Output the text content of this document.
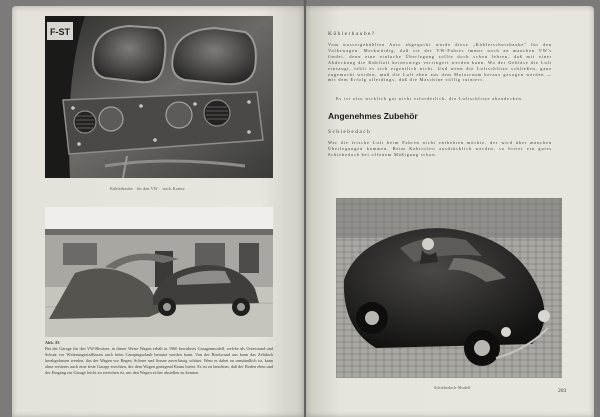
F-ST
Kühlerhaube · für den VW · ·nach Krantz
Abb. 83
Bei der Garage für den VW-Besitzer, in dieser Weise Wagen erhält in 1960 bewährtes Garagenmodell, welche als Unterstand und Schutz vor Witterungseinflüssen auch beim Campingurlaub benutzt werden kann. Von der Rückwand aus kann das Zeltdach herabgelassen werden, das der Wagen vor Regen, Schnee und Sonne zuverlässig schützt. Wem es dabei zu umständlich ist, kann ohne weiteres auch eine feste Garage errichten, die dem Wagen genügend Raum bietet. Es ist zu beachten, daß der Boden eben und der Eingang zur Garage leicht zu erreichen ist, um den Wagen sicher abstellen zu können.
Kühlerhaube?
Vom wassergekühlten Auto abgeguckt wurde diese „Kühlerschutzhaube" für den Volkswagen. Merkwürdig, daß sie der VW-Fahrer immer noch an manchen VW's findet, denn eine einfache Überlegung sollte doch schon lehren, daß mit einer Abdeckung die Kühlluft keineswegs verringert werden kann. Wo der Gebläse die Luft einsaugt, fehlt es sich eigentlich nicht. Und wenn die Luftschlitze schließen, ganz zugemacht werden, muß die Luft eben aus dem Motorraum heraus gesogen werden — mit dem Erfolg allerdings, daß die Maschine völlig ruiniert.
Es ist also wirklich gar nicht erforderlich, die Luftschlitze abzudecken.
Angenehmes Zubehör
Schiebedach
Wer die frische Luft beim Fahren nicht entbehren möchte, der wird über manchen Überlegungen kommen. Beim Kabriolett ausdrücklich werden, so bietet ein gutes Schiebedach bei offenem Mäßigung schon.
Schiebedach-Modell
203
